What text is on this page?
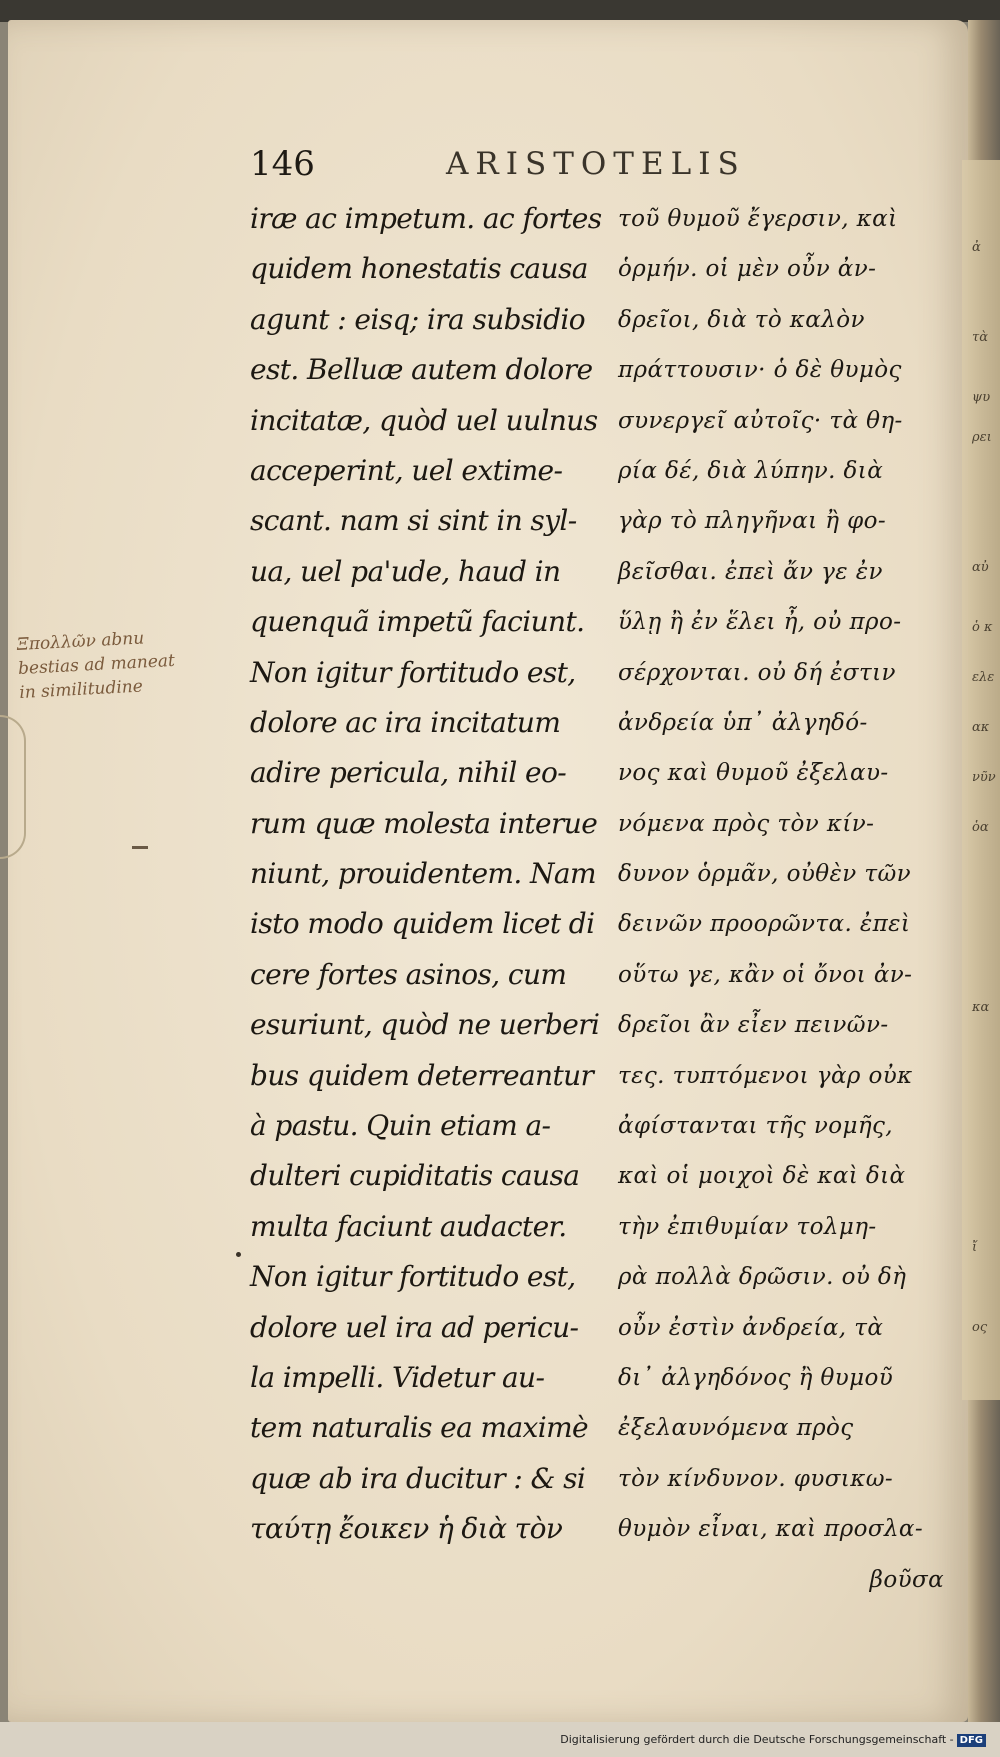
ἀ
τὰ
ψυ
ρει
αὐ
ὁ κ
ελε
ακ
νῦν
ὁα
κα
ἴ
ος
146	ARISTOTELIS
iræ ac impetum. ac fortes
quidem honestatis causa
agunt : eisq; ira subsidio
est. Belluæ autem dolore
incitatæ, quòd uel uulnus
acceperint, uel extime-
scant. nam si sint in syl-
ua, uel pa'ude, haud in
quenquã impetũ faciunt.
Non igitur fortitudo est,
dolore ac ira incitatum
adire pericula, nihil eo-
rum quæ molesta interue
niunt, prouidentem. Nam
isto modo quidem licet di
cere fortes asinos, cum
esuriunt, quòd ne uerberi
bus quidem deterreantur
à pastu. Quin etiam a-
dulteri cupiditatis causa
multa faciunt audacter.
Non igitur fortitudo est,
dolore uel ira ad pericu-
la impelli. Videtur au-
tem naturalis ea maximè
quæ ab ira ducitur : & si
ταύτῃ ἔοικεν ἡ διὰ τὸν
τοῦ θυμοῦ ἔγερσιν, καὶ
ὁρμήν. οἱ μὲν οὖν ἀν-
δρεῖοι, διὰ τὸ καλὸν
πράττουσιν· ὁ δὲ θυμὸς
συνεργεῖ αὐτοῖς· τὰ θη-
ρία δέ, διὰ λύπην. διὰ
γὰρ τὸ πληγῆναι ἢ φο-
βεῖσθαι. ἐπεὶ ἄν γε ἐν
ὕλῃ ἢ ἐν ἕλει ἦ, οὐ προ-
σέρχονται. οὐ δή ἐστιν
ἀνδρεία ὑπ᾽ ἀλγηδό-
νος καὶ θυμοῦ ἐξελαυ-
νόμενα πρὸς τὸν κίν-
δυνον ὁρμᾶν, οὐθὲν τῶν
δεινῶν προορῶντα. ἐπεὶ
οὕτω γε, κἂν οἱ ὄνοι ἀν-
δρεῖοι ἂν εἶεν πεινῶν-
τες. τυπτόμενοι γὰρ οὐκ
ἀφίστανται τῆς νομῆς,
καὶ οἱ μοιχοὶ δὲ καὶ διὰ
τὴν ἐπιθυμίαν τολμη-
ρὰ πολλὰ δρῶσιν. οὐ δὴ
οὖν ἐστὶν ἀνδρεία, τὰ
δι᾽ ἀλγηδόνος ἢ θυμοῦ
ἐξελαυνόμενα πρὸς
τὸν κίνδυνον. φυσικω-
θυμὸν εἶναι, καὶ προσλα-
βοῦσα
Ξπολλῶν abnu
bestias ad maneat
in similitudine
Digitalisierung gefördert durch die Deutsche Forschungsgemeinschaft - DFG
